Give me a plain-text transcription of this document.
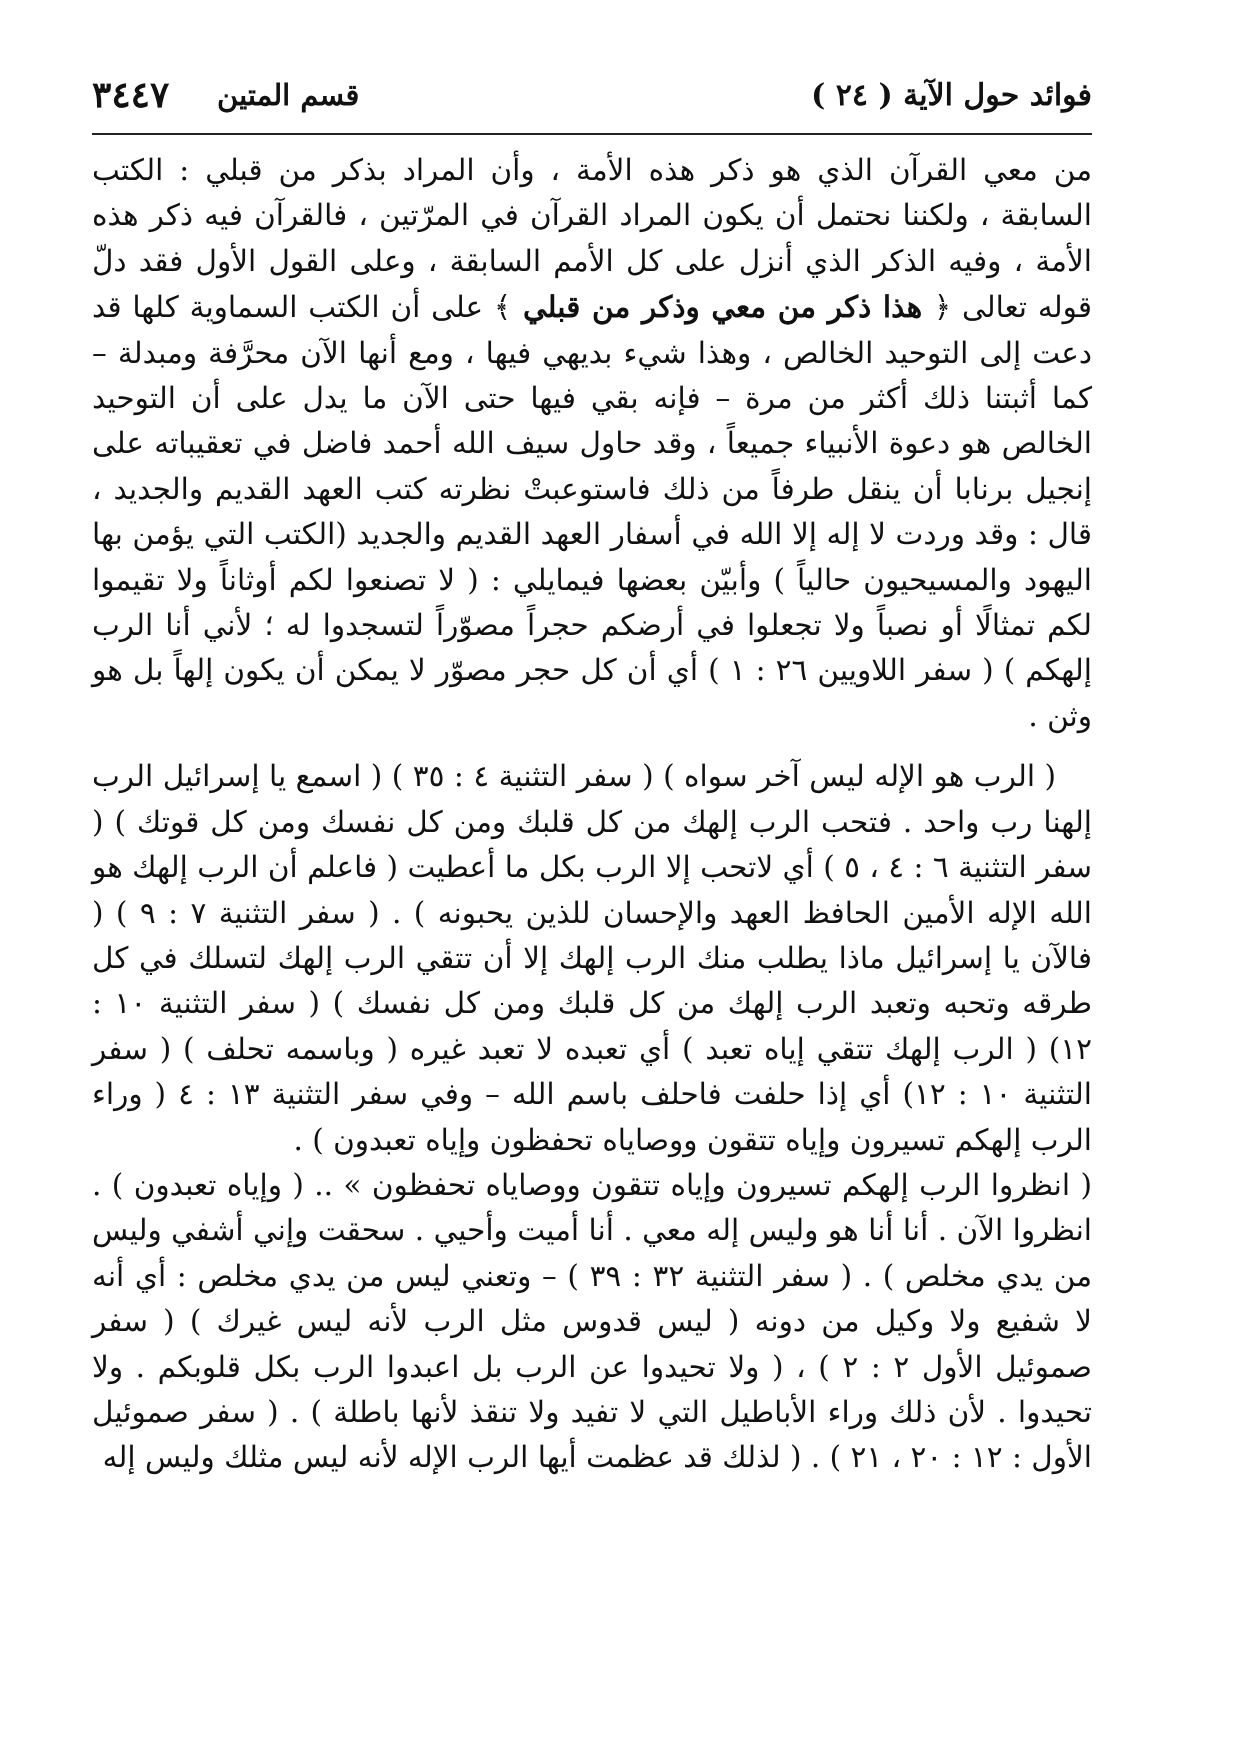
فوائد حول الآية ( ٢٤ )
قسم المتين
٣٤٤٧

من معي القرآن الذي هو ذكر هذه الأمة ، وأن المراد بذكر من قبلي : الكتب السابقة ، ولكننا نحتمل أن يكون المراد القرآن في المرّتين ، فالقرآن فيه ذكر هذه الأمة ، وفيه الذكر الذي أنزل على كل الأمم السابقة ، وعلى القول الأول فقد دلّ قوله تعالى ﴿ هذا ذكر من معي وذكر من قبلي ﴾ على أن الكتب السماوية كلها قد دعت إلى التوحيد الخالص ، وهذا شيء بديهي فيها ، ومع أنها الآن محرَّفة ومبدلة – كما أثبتنا ذلك أكثر من مرة – فإنه بقي فيها حتى الآن ما يدل على أن التوحيد الخالص هو دعوة الأنبياء جميعاً ، وقد حاول سيف الله أحمد فاضل في تعقيباته على إنجيل برنابا أن ينقل طرفاً من ذلك فاستوعبتْ نظرته كتب العهد القديم والجديد ، قال : وقد وردت لا إله إلا الله في أسفار العهد القديم والجديد (الكتب التي يؤمن بها اليهود والمسيحيون حالياً ) وأبيّن بعضها فيمايلي : ( لا تصنعوا لكم أوثاناً ولا تقيموا لكم تمثالًا أو نصباً ولا تجعلوا في أرضكم حجراً مصوّراً لتسجدوا له ؛ لأني أنا الرب إلهكم ) ( سفر اللاويين ٢٦ : ١ ) أي أن كل حجر مصوّر لا يمكن أن يكون إلهاً بل هو وثن .

( الرب هو الإله ليس آخر سواه ) ( سفر التثنية ٤ : ٣٥ ) ( اسمع يا إسرائيل الرب إلهنا رب واحد . فتحب الرب إلهك من كل قلبك ومن كل نفسك ومن كل قوتك ) ( سفر التثنية ٦ : ٤ ، ٥ ) أي لاتحب إلا الرب بكل ما أعطيت ( فاعلم أن الرب إلهك هو الله الإله الأمين الحافظ العهد والإحسان للذين يحبونه ) . ( سفر التثنية ٧ : ٩ ) ( فالآن يا إسرائيل ماذا يطلب منك الرب إلهك إلا أن تتقي الرب إلهك لتسلك في كل طرقه وتحبه وتعبد الرب إلهك من كل قلبك ومن كل نفسك ) ( سفر التثنية ١٠ : ١٢) ( الرب إلهك تتقي إياه تعبد ) أي تعبده لا تعبد غيره ( وباسمه تحلف ) ( سفر التثنية ١٠ : ١٢) أي إذا حلفت فاحلف باسم الله – وفي سفر التثنية ١٣ : ٤ ( وراء الرب إلهكم تسيرون وإياه تتقون ووصاياه تحفظون وإياه تعبدون ) .

( انظروا الرب إلهكم تسيرون وإياه تتقون ووصاياه تحفظون » .. ( وإياه تعبدون ) . انظروا الآن . أنا أنا هو وليس إله معي . أنا أميت وأحيي . سحقت وإني أشفي وليس من يدي مخلص ) . ( سفر التثنية ٣٢ : ٣٩ ) – وتعني ليس من يدي مخلص : أي أنه لا شفيع ولا وكيل من دونه ( ليس قدوس مثل الرب لأنه ليس غيرك ) ( سفر صموئيل الأول ٢ : ٢ ) ، ( ولا تحيدوا عن الرب بل اعبدوا الرب بكل قلوبكم . ولا تحيدوا . لأن ذلك وراء الأباطيل التي لا تفيد ولا تنقذ لأنها باطلة ) . ( سفر صموئيل الأول : ١٢ : ٢٠ ، ٢١ ) . ( لذلك قد عظمت أيها الرب الإله لأنه ليس مثلك وليس إله
